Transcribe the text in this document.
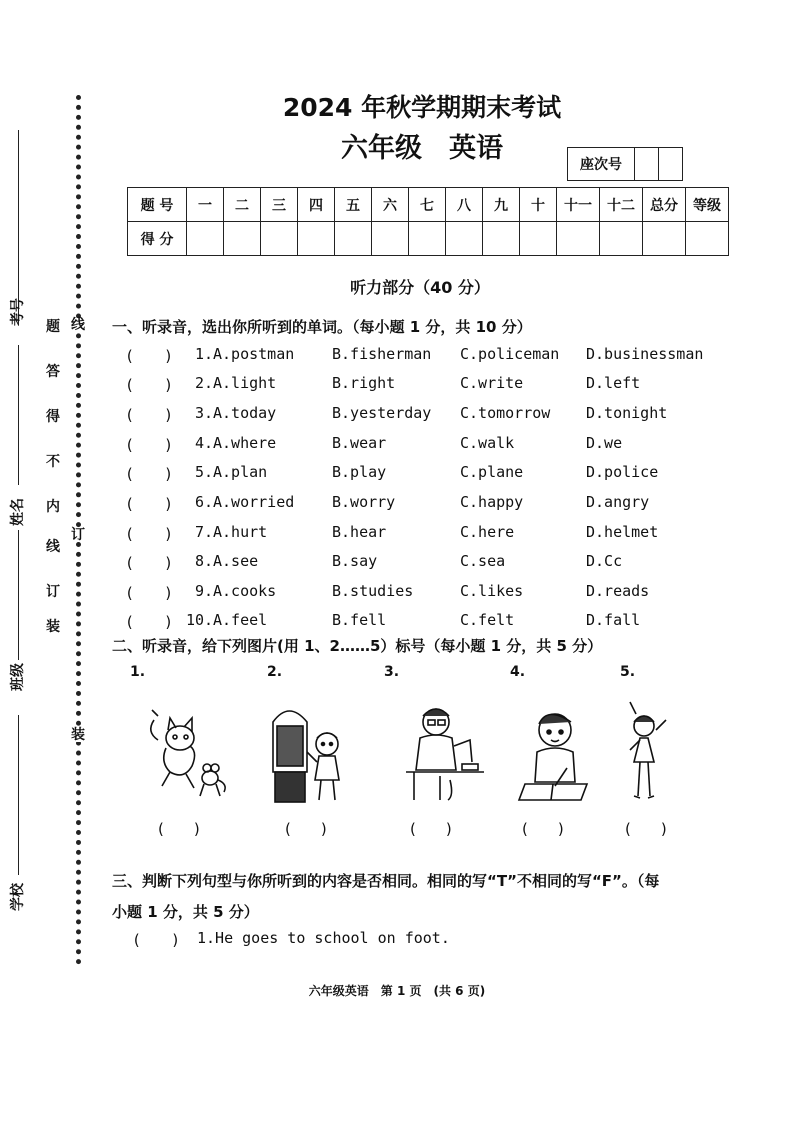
考号
姓名
班级
学校
装
订
线
内
不
得
答
题
装
订
线
2024 年秋学期期末考试
六年级　英语
座次号		
题 号	一	二	三	四	五	六	七	八	九	十	十一	十二	总分	等级
得 分														
听力部分（40 分）
一、听录音，选出你所听到的单词。（每小题 1 分，共 10 分）
(　　) 1. A.postman	B.fisherman C.policeman D.businessman
(　　) 2. A.light	B.right	C.write	D.left
(　　) 3. A.today	B.yesterday C.tomorrow D.tonight
(　　) 4. A.where	B.wear	C.walk	D.we
(　　) 5. A.plan	B.play	C.plane	D.police
(　　) 6. A.worried	B.worry	C.happy	D.angry
(　　) 7. A.hurt	B.hear	C.here	D.helmet
(　　) 8. A.see	B.say	C.sea	D.Cc
(　　) 9. A.cooks	B.studies	C.likes	D.reads
(　　) 10. A.feel	B.fell	C.felt	D.fall
二、听录音，给下列图片(用 1、2……5）标号（每小题 1 分，共 5 分）
1.	2.	3.	4.	5.
(　　)	(　　)	(　　)	(　　)	(　　)
三、判断下列句型与你所听到的内容是否相同。相同的写“T”不相同的写“F”。（每
小题 1 分，共 5 分）
(　　) 1.He goes to school on foot.
六年级英语　第 1 页　(共 6 页)
